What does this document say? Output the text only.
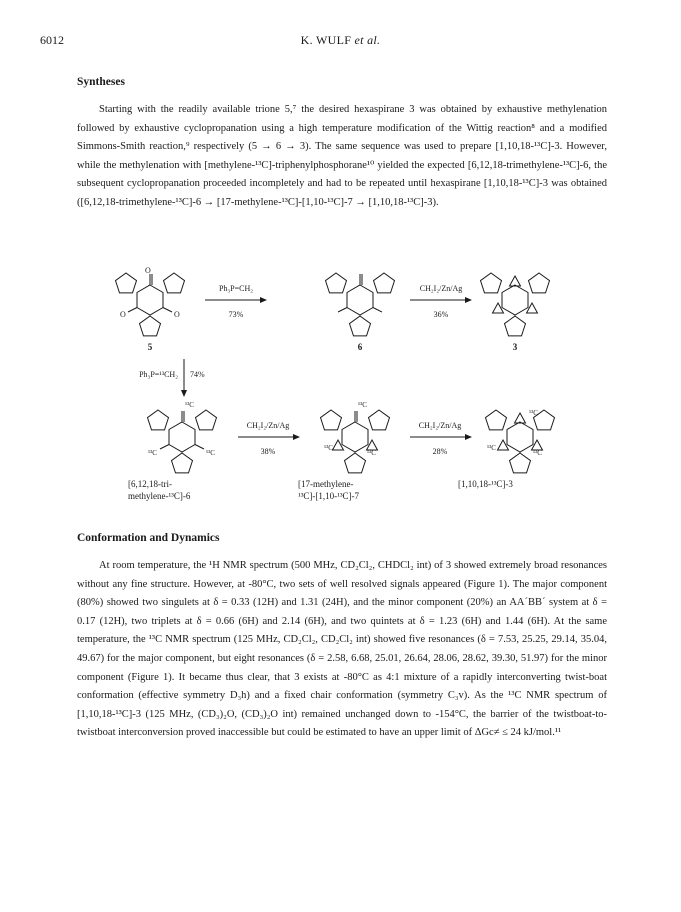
6012	K. WULF et al.
Syntheses
Starting with the readily available trione 5,⁷ the desired hexaspirane 3 was obtained by exhaustive methylenation followed by exhaustive cyclopropanation using a high temperature modification of the Wittig reaction⁸ and a modified Simmons-Smith reaction,⁹ respectively (5 → 6 → 3). The same sequence was used to prepare [1,10,18-¹³C]-3. However, while the methylenation with [methylene-¹³C]-triphenylphosphorane¹⁰ yielded the expected [6,12,18-trimethylene-¹³C]-6, the subsequent cyclopropanation proceeded incompletely and had to be repeated until hexaspirane [1,10,18-¹³C]-3 was obtained ([6,12,18-trimethylene-¹³C]-6 → [17-methylene-¹³C]-[1,10-¹³C]-7 → [1,10,18-¹³C]-3).
O
O	O
Ph₃P=CH₂
73%
CH₂I₂/Zn/Ag
36%
5	6	3
Ph₃P=¹³CH₂ 74%
¹³C
¹³C	¹³C
CH₂I₂/Zn/Ag
38%
¹³C
¹³C
¹³C
CH₂I₂/Zn/Ag
28%
¹³C
¹³C
¹³C
[6,12,18-tri-
methylene-¹³C]-6
[17-methylene-
¹³C]-[1,10-¹³C]-7
[1,10,18-¹³C]-3
Conformation and Dynamics
At room temperature, the ¹H NMR spectrum (500 MHz, CD₂Cl₂, CHDCl₂ int) of 3 showed extremely broad resonances without any fine structure. However, at -80°C, two sets of well resolved signals appeared (Figure 1). The major component (80%) showed two singulets at δ = 0.33 (12H) and 1.31 (24H), and the minor component (20%) an AA´BB´ system at δ = 0.17 (12H), two triplets at δ = 0.66 (6H) and 2.14 (6H), and two quintets at δ = 1.23 (6H) and 1.44 (6H). At the same temperature, the ¹³C NMR spectrum (125 MHz, CD₂Cl₂, CD₂Cl₂ int) showed five resonances (δ = 7.53, 25.25, 29.14, 35.04, 49.67) for the major component, but eight resonances (δ = 2.58, 6.68, 25.01, 26.64, 28.06, 28.62, 39.30, 51.97) for the minor component (Figure 1). It became thus clear, that 3 exists at -80°C as 4:1 mixture of a rapidly interconverting twist-boat conformation (effective symmetry D₃h) and a fixed chair conformation (symmetry C₃v). As the ¹³C NMR spectrum of [1,10,18-¹³C]-3 (125 MHz, (CD₃)₂O, (CD₃)₂O int) remained unchanged down to -154°C, the barrier of the twistboat-to-twistboat interconversion proved inaccessible but could be estimated to have an upper limit of ΔGc≠ ≤ 24 kJ/mol.¹¹
